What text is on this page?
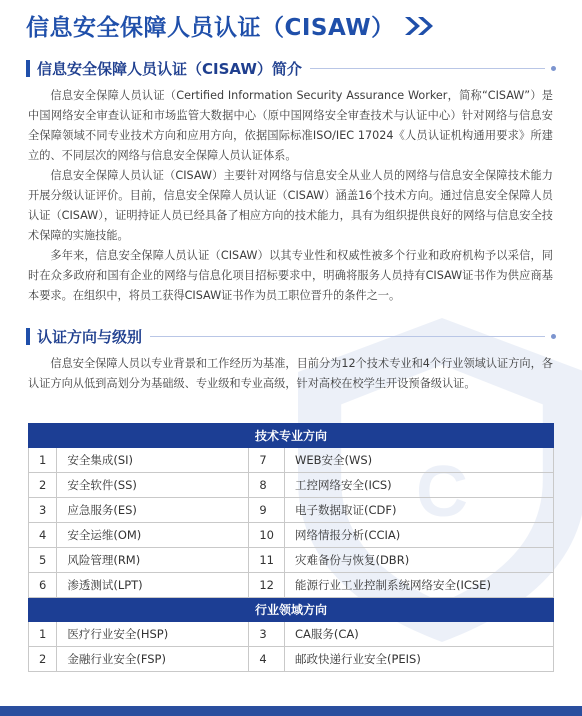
C
信息安全保障人员认证（CISAW）
信息安全保障人员认证（CISAW）简介

信息安全保障人员认证（Certified Information Security Assurance Worker，简称“CISAW”）是中国网络安全审查认证和市场监管大数据中心（原中国网络安全审查技术与认证中心）针对网络与信息安全保障领域不同专业技术方向和应用方向，依据国际标准ISO/IEC 17024《人员认证机构通用要求》所建立的、不同层次的网络与信息安全保障人员认证体系。

信息安全保障人员认证（CISAW）主要针对网络与信息安全从业人员的网络与信息安全保障技术能力开展分级认证评价。目前，信息安全保障人员认证（CISAW）涵盖16个技术方向。通过信息安全保障人员认证（CISAW），证明持证人员已经具备了相应方向的技术能力，具有为组织提供良好的网络与信息安全技术保障的实施技能。

多年来，信息安全保障人员认证（CISAW）以其专业性和权威性被多个行业和政府机构予以采信，同时在众多政府和国有企业的网络与信息化项目招标要求中，明确将服务人员持有CISAW证书作为供应商基本要求。在组织中，将员工获得CISAW证书作为员工职位晋升的条件之一。

认证方向与级别

信息安全保障人员以专业背景和工作经历为基准，目前分为12个技术专业和4个行业领域认证方向，各认证方向从低到高划分为基础级、专业级和专业高级，针对高校在校学生开设预备级认证。

技术专业方向			
1	安全集成(SI)	7	WEB安全(WS)
2	安全软件(SS)	8	工控网络安全(ICS)
3	应急服务(ES)	9	电子数据取证(CDF)
4	安全运维(OM)	10	网络情报分析(CCIA)
5	风险管理(RM)	11	灾难备份与恢复(DBR)
6	渗透测试(LPT)	12	能源行业工业控制系统网络安全(ICSE)
行业领域方向			
1	医疗行业安全(HSP)	3	CA服务(CA)
2	金融行业安全(FSP)	4	邮政快递行业安全(PEIS)
